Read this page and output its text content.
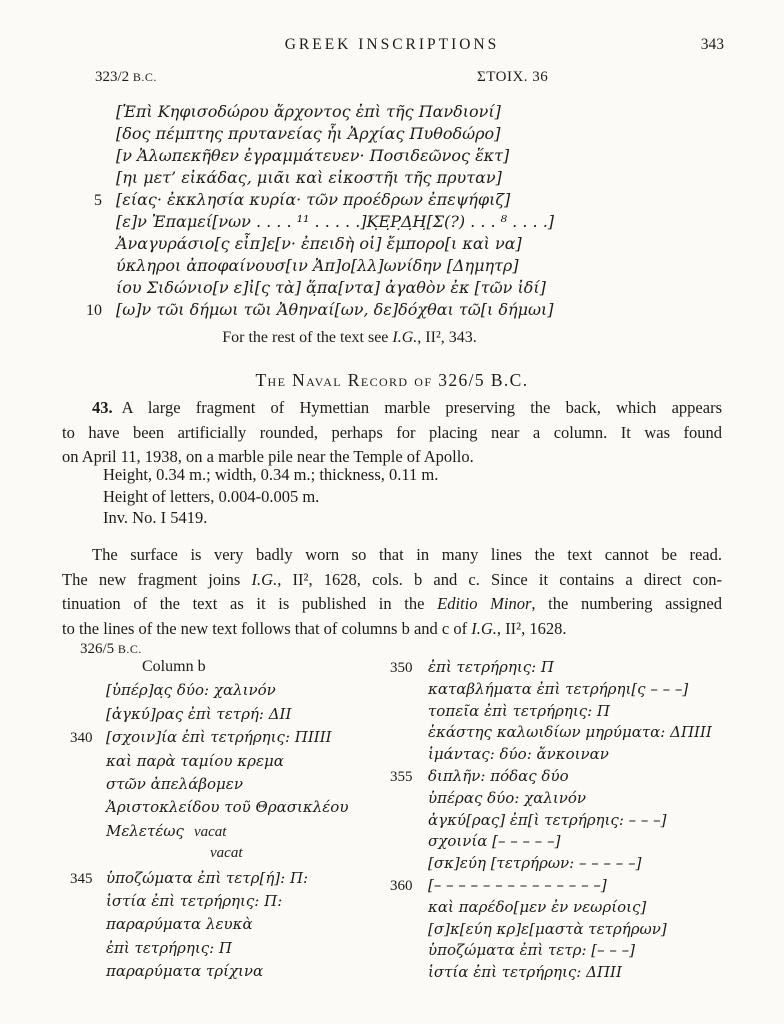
GREEK INSCRIPTIONS	343
323/2 B.C.	ΣΤΟΙΧ. 36
[Ἐπὶ Κηφισοδώρου ἄρχοντος ἐπὶ τῆς Πανδιονί]
[δος πέμπτης πρυτανείας ἧι Ἀρχίας Πυθοδώρο]
[ν Ἀλωπεκῆθεν ἐγραμμάτευεν· Ποσιδεῶνος ἕκτ]
[ηι μετ’ εἰκάδας, μιᾶι καὶ εἰκοστῆι τῆς πρυταν]
5 [είας· ἐκκλησία κυρία· τῶν προέδρων ἐπεψήφιζ]
[ε]ν Ἐπαμεί[νων . . . . ¹¹ . . . . .]Κ̣Ε̣Ρ̣Δ̣Η̣[Σ(?) . . . ⁸ . . . .]
Ἀναγυράσιο[ς εἶπ]ε[ν· ἐπειδὴ οἱ] ἔμπορο[ι καὶ να]
ύκληροι ἀποφαίνουσ[ιν Ἀπ]ο[λλ]ωνίδην [Δημητρ]
ίου Σιδώνιο[ν ε]ἰ[ς τὰ] ἅ̣πα[ντα] ἀγαθὸν ἐκ [τῶν ἰδί]
10 [ω]ν τῶι δήμωι τῶι Ἀθηναί[ων, δε]δόχθαι τῶ[ι δήμωι]
For the rest of the text see I.G., II², 343.
The Naval Record of 326/5 B.C.
43. A large fragment of Hymettian marble preserving the back, which appears
to have been artificially rounded, perhaps for placing near a column. It was found
on April 11, 1938, on a marble pile near the Temple of Apollo.
Height, 0.34 m.; width, 0.34 m.; thickness, 0.11 m.
Height of letters, 0.004-0.005 m.
Inv. No. I 5419.
The surface is very badly worn so that in many lines the text cannot be read.
The new fragment joins I.G., II², 1628, cols. b and c. Since it contains a direct con-
tinuation of the text as it is published in the Editio Minor, the numbering assigned
to the lines of the new text follows that of columns b and c of I.G., II², 1628.
326/5 B.C.
Column b
[ὑπέρ]α̣ς δύο: χαλινόν
[ἀγκύ]ρας ἐπὶ τετρή: ΔΙΙ
340 [σχοιν]ία ἐπὶ τετρήρηις: ΠΙΙΙΙ
καὶ παρὰ ταμίου κρεμα
στῶν ἀπελάβομεν
Ἀριστοκλείδου τοῦ Θρασικλέου
Μελετέως vacat
vacat
345 ὑποζώματα ἐπὶ τετρ[ή]: Π:
ἱστία ἐπὶ τετρήρηις: Π:
παραρύματα λευκὰ
ἐπὶ τετρήρηις: Π
παραρύματα τρίχινα
350	ἐπὶ τετρήρηις: Π
καταβλήματα ἐπὶ τετρήρηι[ς – – –]
τοπεῖα ἐπὶ τετρήρηις: Π
ἑκάστης καλωιδίων μηρύματα: ΔΠΙΙΙ
ἱμάντας: δύο: ἄνκοιναν
355	διπλῆν: πόδας δύο
ὑπέρας δύο: χαλινόν
ἀγκύ[ρας] ἐπ[ὶ τετρήρηις: – – –]
σχοινία [– – – – –]
[σκ]εύη [τετρήρων: – – – – –]
360	[– – – – – – – – – – – – – –]
καὶ παρέδο[μεν ἐν νεωρίοις]
[σ]κ[εύη κρ]ε[μαστὰ τετρήρων]
ὑποζώματα ἐπὶ τετρ: [– – –]
ἱστία ἐπὶ τετρήρηις: ΔΠΙΙ
